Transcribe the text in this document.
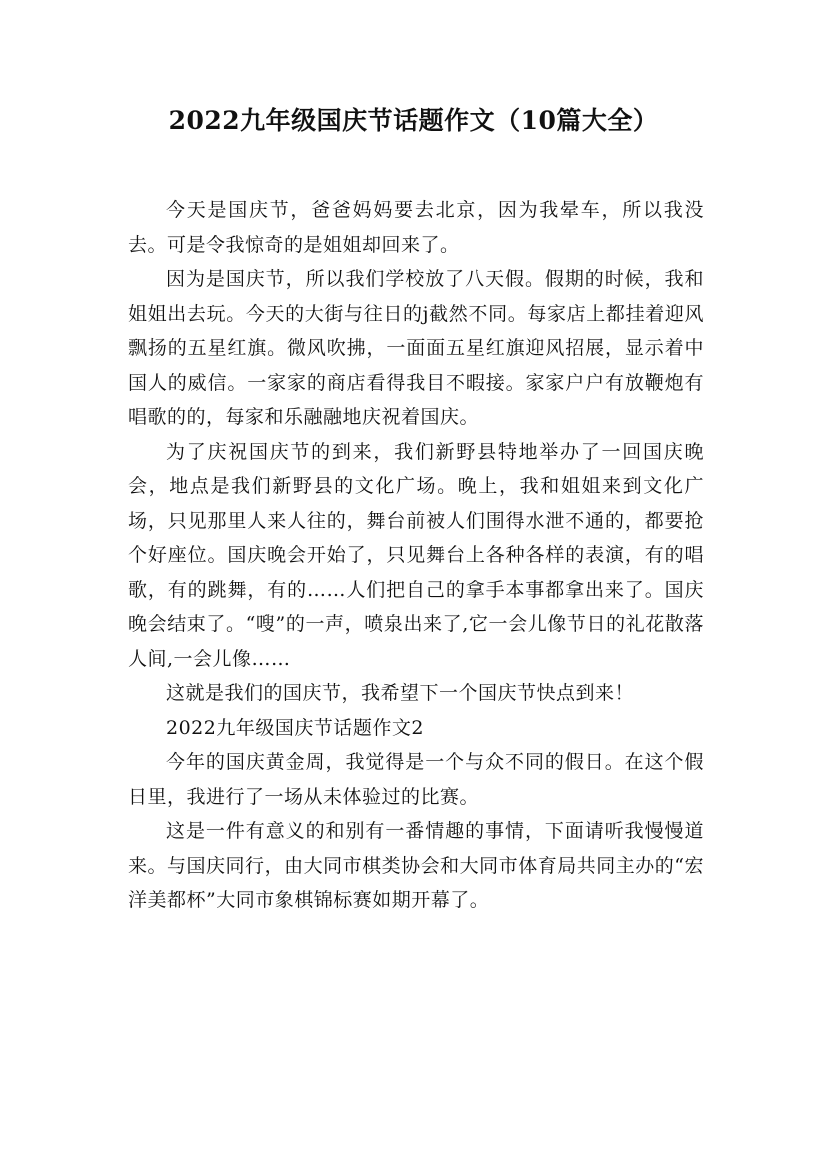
2022九年级国庆节话题作文（10篇大全）

今天是国庆节，爸爸妈妈要去北京，因为我晕车，所以我没去。可是令我惊奇的是姐姐却回来了。

因为是国庆节，所以我们学校放了八天假。假期的时候，我和姐姐出去玩。今天的大街与往日的j截然不同。每家店上都挂着迎风飘扬的五星红旗。微风吹拂，一面面五星红旗迎风招展，显示着中国人的威信。一家家的商店看得我目不暇接。家家户户有放鞭炮有唱歌的的，每家和乐融融地庆祝着国庆。

为了庆祝国庆节的到来，我们新野县特地举办了一回国庆晚会，地点是我们新野县的文化广场。晚上，我和姐姐来到文化广场，只见那里人来人往的，舞台前被人们围得水泄不通的，都要抢个好座位。国庆晚会开始了，只见舞台上各种各样的表演，有的唱歌，有的跳舞，有的……人们把自己的拿手本事都拿出来了。国庆晚会结束了。“嗖”的一声，喷泉出来了,它一会儿像节日的礼花散落人间,一会儿像……

这就是我们的国庆节，我希望下一个国庆节快点到来！

2022九年级国庆节话题作文2

今年的国庆黄金周，我觉得是一个与众不同的假日。在这个假日里，我进行了一场从未体验过的比赛。

这是一件有意义的和别有一番情趣的事情，下面请听我慢慢道来。与国庆同行，由大同市棋类协会和大同市体育局共同主办的“宏洋美都杯”大同市象棋锦标赛如期开幕了。
